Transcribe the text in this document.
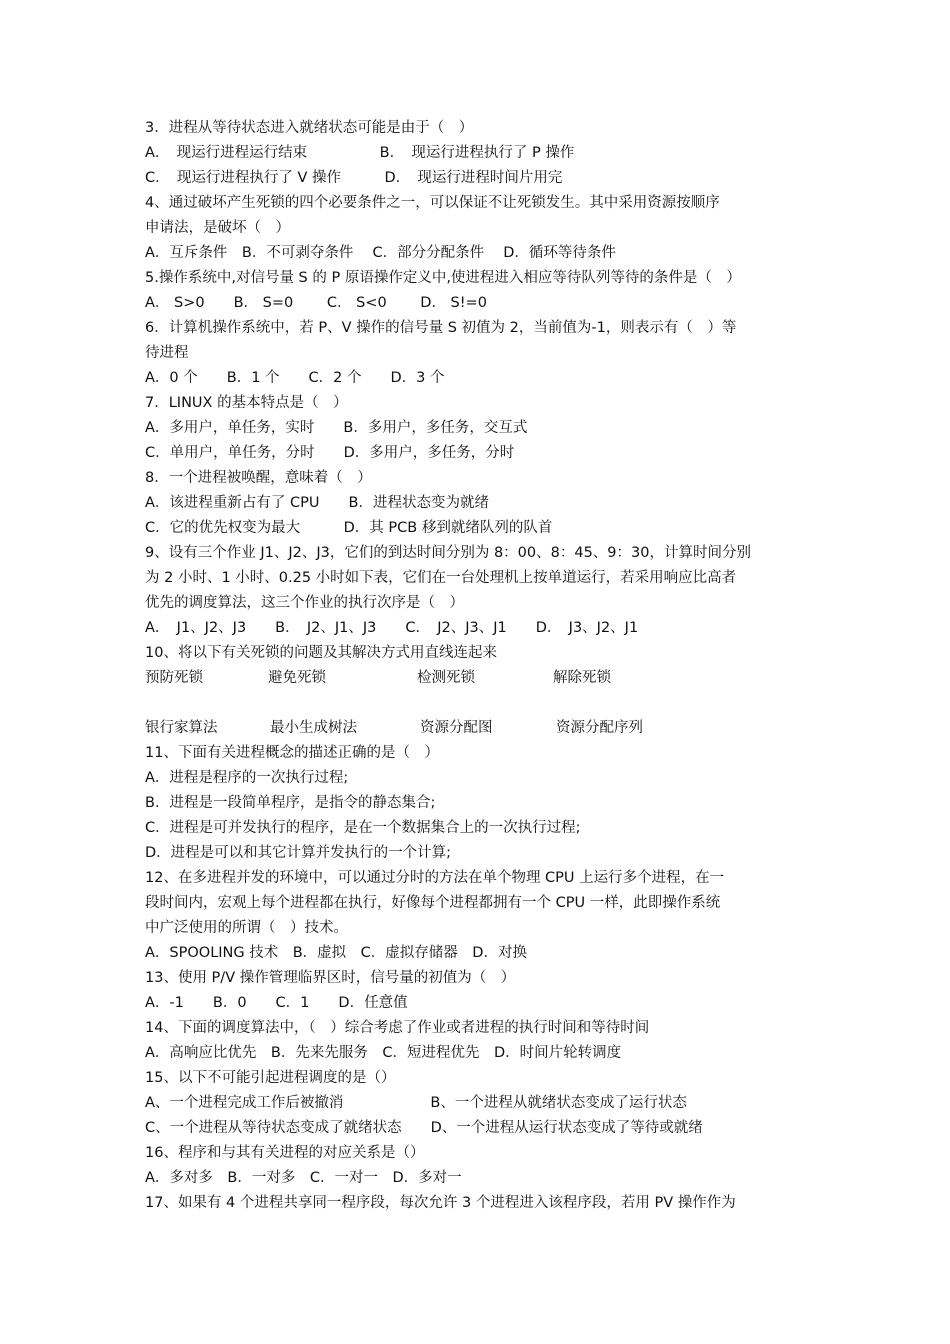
3．进程从等待状态进入就绪状态可能是由于（　）
A．　现运行进程运行结束　　　　　B．　现运行进程执行了 P 操作
C．　现运行进程执行了 V 操作　　　D．　现运行进程时间片用完
4、通过破坏产生死锁的四个必要条件之一，可以保证不让死锁发生。其中采用资源按顺序
申请法，是破坏（　）
A．互斥条件　B．不可剥夺条件　 C．部分分配条件　 D．循环等待条件
5.操作系统中,对信号量 S 的 P 原语操作定义中,使进程进入相应等待队列等待的条件是（　）
A． S>0　　B． S=0　　 C． S<0　　 D． S!=0
6．计算机操作系统中，若 P、V 操作的信号量 S 初值为 2，当前值为-1，则表示有（　）等
待进程
A．0 个　　B．1 个　　C．2 个　　D．3 个
7．LINUX 的基本特点是（　）
A．多用户，单任务，实时　　B．多用户，多任务，交互式
C．单用户，单任务，分时　　D．多用户，多任务，分时
8．一个进程被唤醒，意味着（　）
A．该进程重新占有了 CPU　　B．进程状态变为就绪
C．它的优先权变为最大　　　D．其 PCB 移到就绪队列的队首
9、设有三个作业 J1、J2、J3，它们的到达时间分别为 8：00、8：45、9：30，计算时间分别
为 2 小时、1 小时、0.25 小时如下表，它们在一台处理机上按单道运行，若采用响应比高者
优先的调度算法，这三个作业的执行次序是（　）
A．　J1、J2、J3　　B．　J2、J1、J3　　C．　J2、J3、J1　　D．　J3、J2、J1
10、将以下有关死锁的问题及其解决方式用直线连起来
预防死锁	避免死锁	检测死锁	解除死锁
银行家算法	最小生成树法	资源分配图	资源分配序列
11、下面有关进程概念的描述正确的是（　）
A．进程是程序的一次执行过程;
B．进程是一段简单程序，是指令的静态集合;
C．进程是可并发执行的程序，是在一个数据集合上的一次执行过程;
D．进程是可以和其它计算并发执行的一个计算;
12、在多进程并发的环境中，可以通过分时的方法在单个物理 CPU 上运行多个进程，在一
段时间内，宏观上每个进程都在执行，好像每个进程都拥有一个 CPU 一样，此即操作系统
中广泛使用的所谓（　）技术。
A．SPOOLING 技术　B．虚拟　C．虚拟存储器　D．对换
13、使用 P/V 操作管理临界区时，信号量的初值为（　）
A．-1　　B．0　　C．1　　D．任意值
14、下面的调度算法中，（　）综合考虑了作业或者进程的执行时间和等待时间
A．高响应比优先　B．先来先服务　C．短进程优先　D．时间片轮转调度
15、以下不可能引起进程调度的是（）
A、一个进程完成工作后被撤消　　　　　　B、一个进程从就绪状态变成了运行状态
C、一个进程从等待状态变成了就绪状态　　D、一个进程从运行状态变成了等待或就绪
16、程序和与其有关进程的对应关系是（）
A．多对多　B．一对多　C．一对一　D．多对一
17、如果有 4 个进程共享同一程序段，每次允许 3 个进程进入该程序段，若用 PV 操作作为
